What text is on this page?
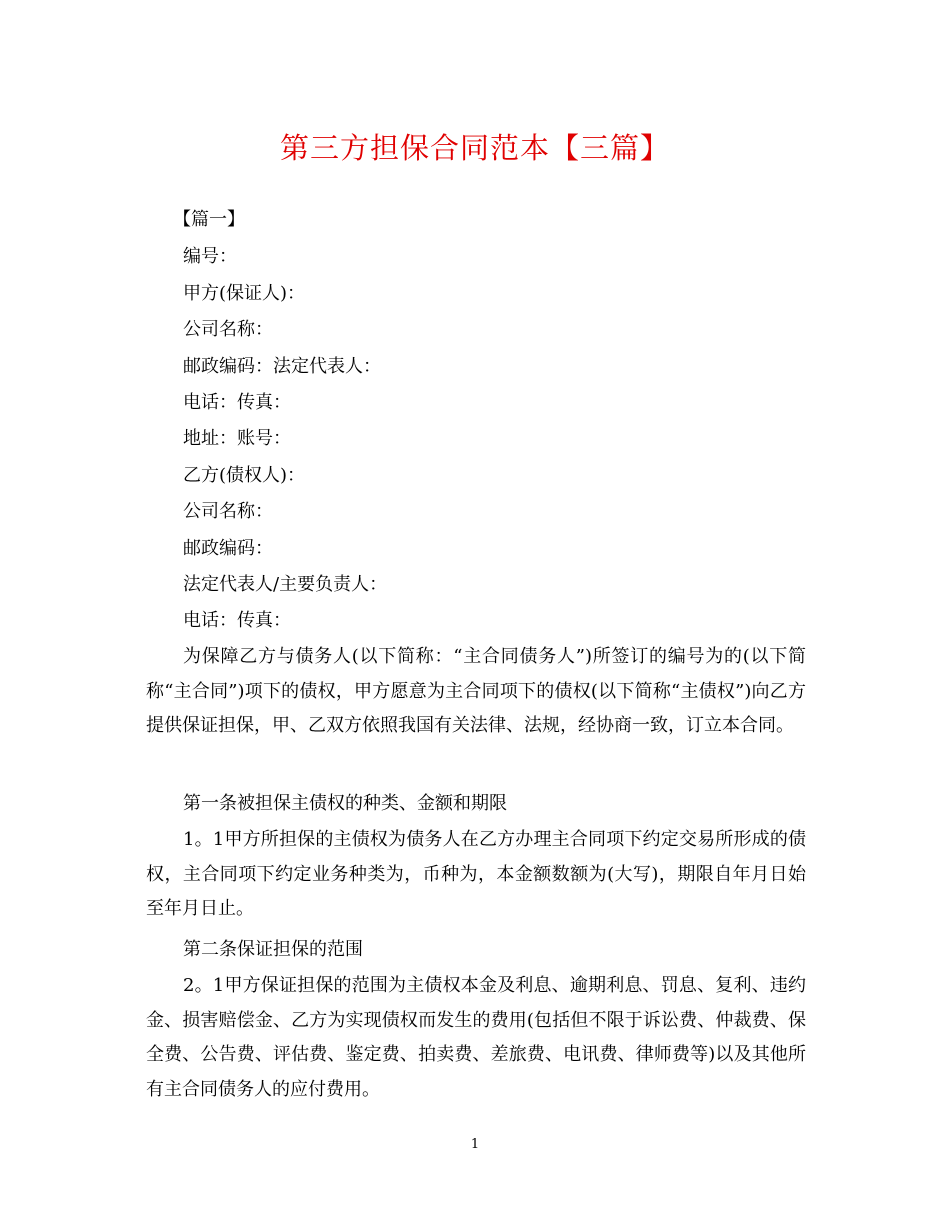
第三方担保合同范本【三篇】
【篇一】
编号：
甲方(保证人)：
公司名称：
邮政编码：法定代表人：
电话：传真：
地址：账号：
乙方(债权人)：
公司名称：
邮政编码：
法定代表人/主要负责人：
电话：传真：
为保障乙方与债务人(以下简称：“主合同债务人”)所签订的编号为的(以下简称“主合同”)项下的债权，甲方愿意为主合同项下的债权(以下简称“主债权”)向乙方提供保证担保，甲、乙双方依照我国有关法律、法规，经协商一致，订立本合同。
第一条被担保主债权的种类、金额和期限
1。1甲方所担保的主债权为债务人在乙方办理主合同项下约定交易所形成的债权，主合同项下约定业务种类为，币种为，本金额数额为(大写)，期限自年月日始至年月日止。
第二条保证担保的范围
2。1甲方保证担保的范围为主债权本金及利息、逾期利息、罚息、复利、违约金、损害赔偿金、乙方为实现债权而发生的费用(包括但不限于诉讼费、仲裁费、保全费、公告费、评估费、鉴定费、拍卖费、差旅费、电讯费、律师费等)以及其他所有主合同债务人的应付费用。
1
